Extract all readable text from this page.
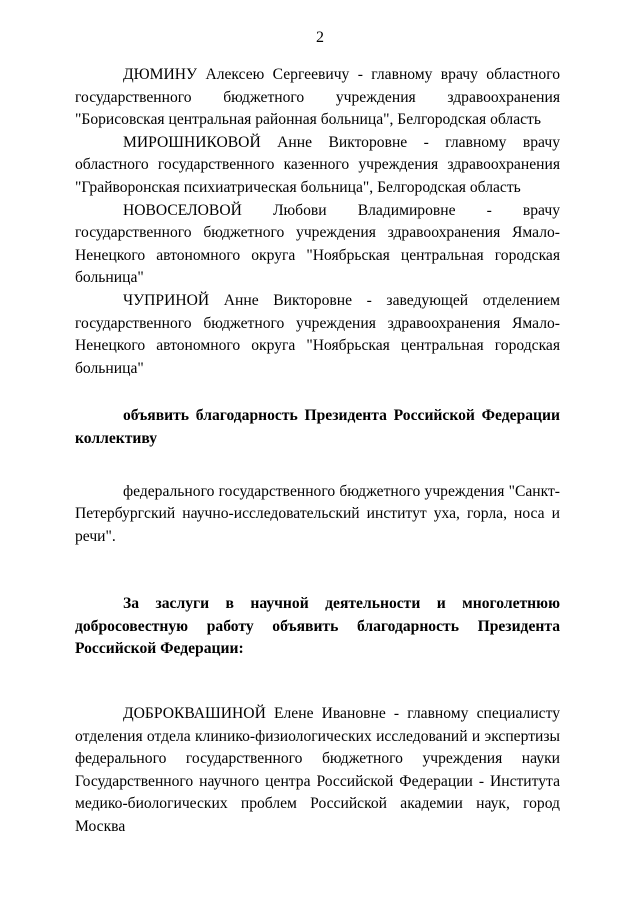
2

ДЮМИНУ Алексею Сергеевичу - главному врачу областного государственного бюджетного учреждения здравоохранения "Борисовская центральная районная больница", Белгородская область

МИРОШНИКОВОЙ Анне Викторовне - главному врачу областного государственного казенного учреждения здравоохранения "Грайворонская психиатрическая больница", Белгородская область

НОВОСЕЛОВОЙ Любови Владимировне - врачу государственного бюджетного учреждения здравоохранения Ямало-Ненецкого автономного округа "Ноябрьская центральная городская больница"

ЧУПРИНОЙ Анне Викторовне - заведующей отделением государственного бюджетного учреждения здравоохранения Ямало-Ненецкого автономного округа "Ноябрьская центральная городская больница"

объявить благодарность Президента Российской Федерации коллективу

федерального государственного бюджетного учреждения "Санкт-Петербургский научно-исследовательский институт уха, горла, носа и речи".

За заслуги в научной деятельности и многолетнюю добросовестную работу объявить благодарность Президента Российской Федерации:

ДОБРОКВАШИНОЙ Елене Ивановне - главному специалисту отделения отдела клинико-физиологических исследований и экспертизы федерального государственного бюджетного учреждения науки Государственного научного центра Российской Федерации - Института медико-биологических проблем Российской академии наук, город Москва
